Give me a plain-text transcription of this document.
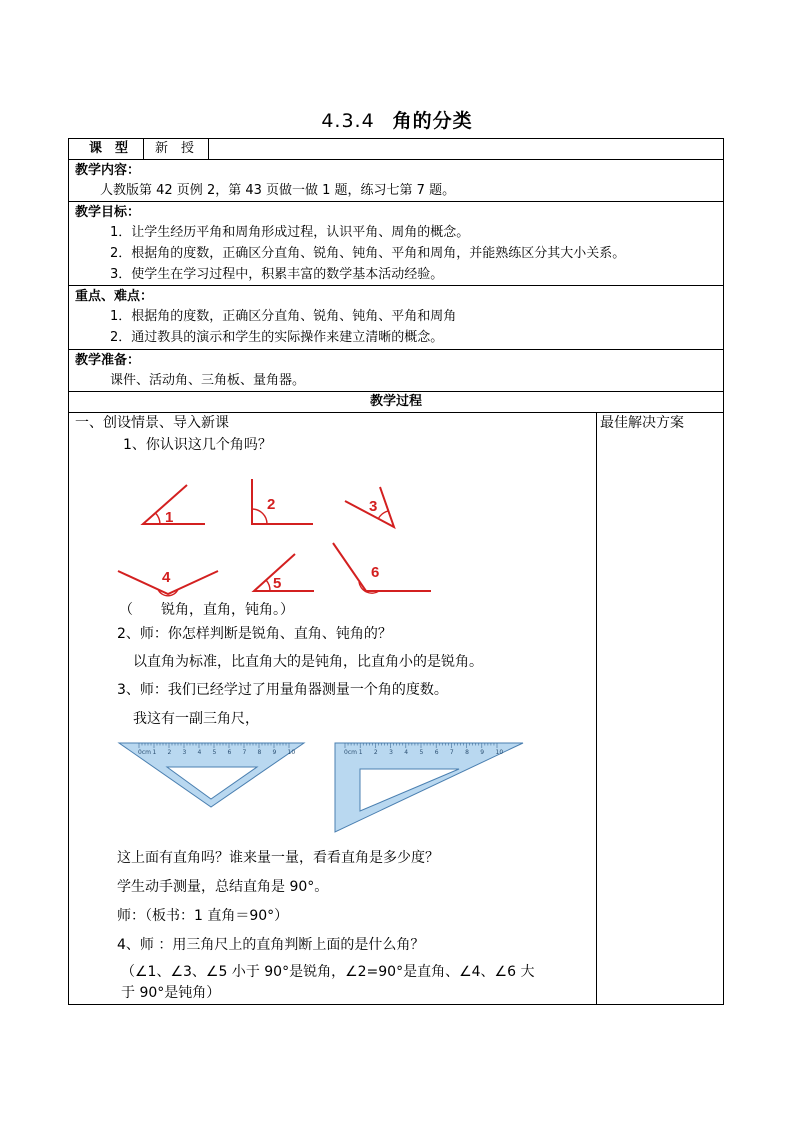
4.3.4 角的分类
课　型 新　授
教学内容：
人教版第 42 页例 2，第 43 页做一做 1 题，练习七第 7 题。
教学目标：
1．让学生经历平角和周角形成过程，认识平角、周角的概念。
2．根据角的度数，正确区分直角、锐角、钝角、平角和周角，并能熟练区分其大小关系。
3．使学生在学习过程中，积累丰富的数学基本活动经验。
重点、难点：
1．根据角的度数，正确区分直角、锐角、钝角、平角和周角
2．通过教具的演示和学生的实际操作来建立清晰的概念。
教学准备：
课件、活动角、三角板、量角器。
教学过程
最佳解决方案
一、创设情景、导入新课
1、你认识这几个角吗？
1
2	3
4	5
6
（　　锐角，直角，钝角。）
2、师：你怎样判断是锐角、直角、钝角的？
以直角为标准，比直角大的是钝角，比直角小的是锐角。
3、师：我们已经学过了用量角器测量一个角的度数。
我这有一副三角尺，
0cm 1 2 3 4 5 6 7 8 9 10	0cm 1 2 3 4 5 6 7 8 9 10
这上面有直角吗？谁来量一量，看看直角是多少度？
学生动手测量，总结直角是 90°。
师：（板书：1 直角＝90°）
4、师 ：用三角尺上的直角判断上面的是什么角？
（∠1、∠3、∠5 小于 90°是锐角，∠2=90°是直角、∠4、∠6 大
于 90°是钝角）
